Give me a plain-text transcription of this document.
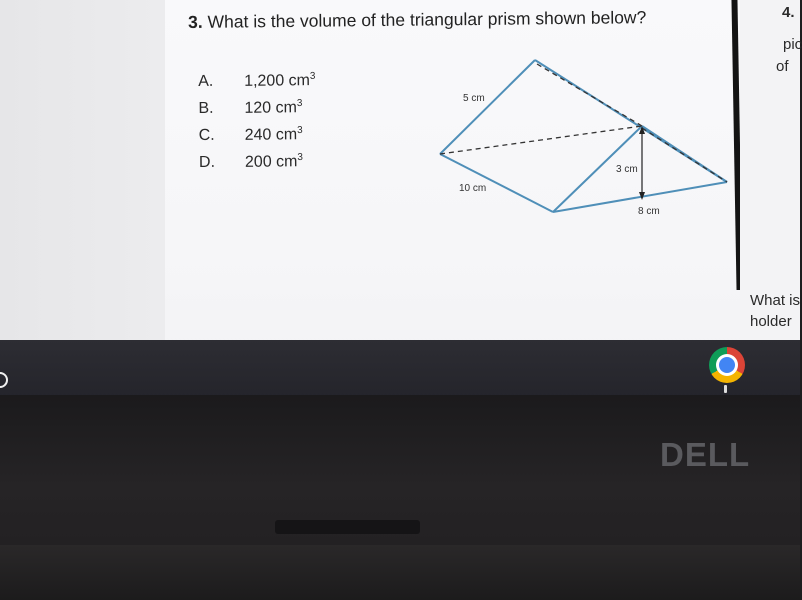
3. What is the volume of the triangular prism shown below?
A.	1,200 $cm^3$
B.	120 $cm^3$
C.	240 $cm^3$
D.	200 $cm^3$
5 cm
10 cm
3 cm
8 cm
4.
pic
of
What is
holder
DELL
